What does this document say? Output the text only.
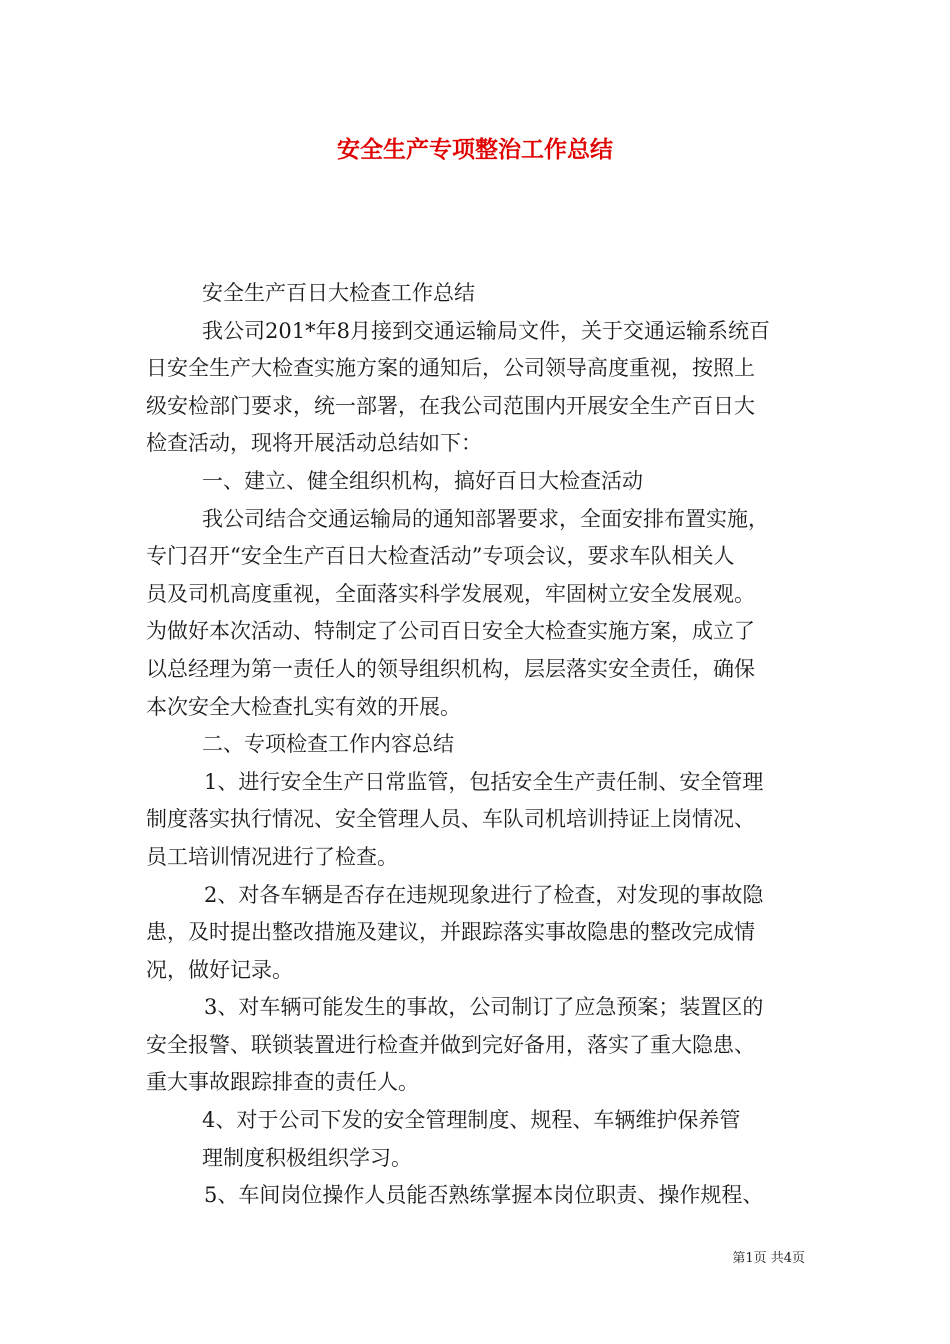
安全生产专项整治工作总结
安全生产百日大检查工作总结
我公司201*年8月接到交通运输局文件，关于交通运输系统百
日安全生产大检查实施方案的通知后，公司领导高度重视，按照上
级安检部门要求，统一部署，在我公司范围内开展安全生产百日大
检查活动，现将开展活动总结如下：
一、建立、健全组织机构，搞好百日大检查活动
我公司结合交通运输局的通知部署要求，全面安排布置实施，
专门召开“安全生产百日大检查活动”专项会议，要求车队相关人
员及司机高度重视，全面落实科学发展观，牢固树立安全发展观。
为做好本次活动、特制定了公司百日安全大检查实施方案，成立了
以总经理为第一责任人的领导组织机构，层层落实安全责任，确保
本次安全大检查扎实有效的开展。
二、专项检查工作内容总结
1、进行安全生产日常监管，包括安全生产责任制、安全管理
制度落实执行情况、安全管理人员、车队司机培训持证上岗情况、
员工培训情况进行了检查。
2、对各车辆是否存在违规现象进行了检查，对发现的事故隐
患，及时提出整改措施及建议，并跟踪落实事故隐患的整改完成情
况，做好记录。
3、对车辆可能发生的事故，公司制订了应急预案；装置区的
安全报警、联锁装置进行检查并做到完好备用，落实了重大隐患、
重大事故跟踪排查的责任人。
4、对于公司下发的安全管理制度、规程、车辆维护保养管
理制度积极组织学习。
5、车间岗位操作人员能否熟练掌握本岗位职责、操作规程、
第1页 共4页
